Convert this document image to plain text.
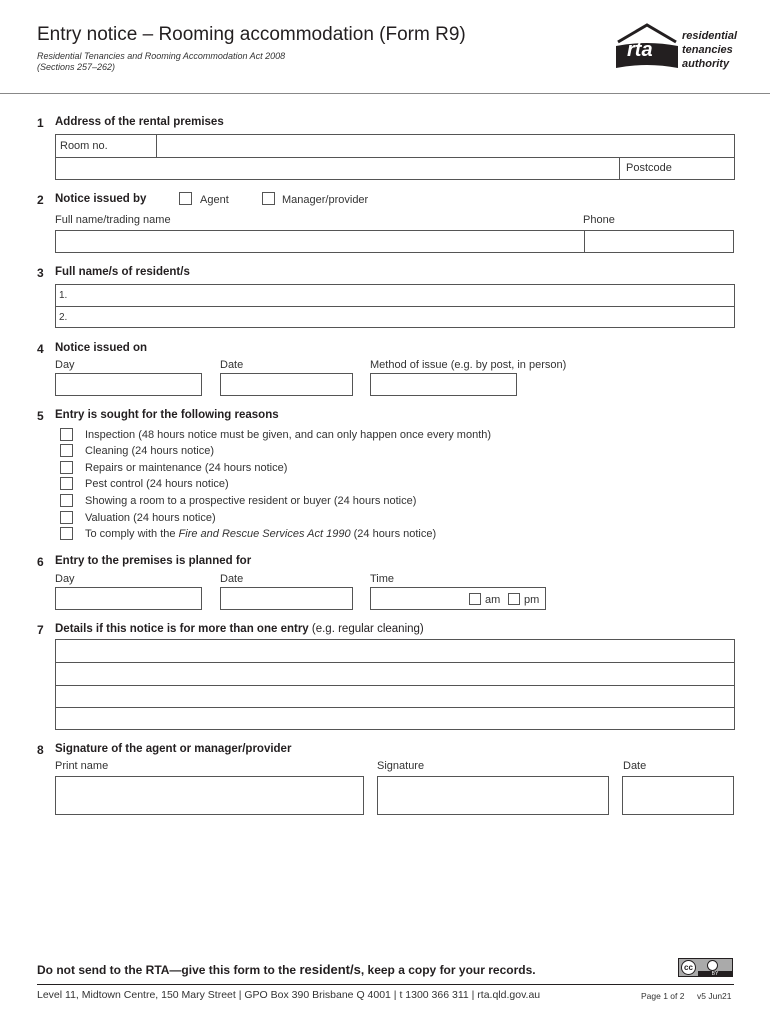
Entry notice – Rooming accommodation (Form R9)
Residential Tenancies and Rooming Accommodation Act 2008
(Sections 257–262)
rta
residential
tenancies
authority
1 Address of the rental premises
Room no.
Postcode
2 Notice issued by	Agent	Manager/provider
Full name/trading name	Phone
3 Full name/s of resident/s
1.
2.
4 Notice issued on
Day	Date	Method of issue (e.g. by post, in person)
5 Entry is sought for the following reasons
Inspection (48 hours notice must be given, and can only happen once every month)
Cleaning (24 hours notice)
Repairs or maintenance (24 hours notice)
Pest control (24 hours notice)
Showing a room to a prospective resident or buyer (24 hours notice)
Valuation (24 hours notice)
To comply with the Fire and Rescue Services Act 1990 (24 hours notice)
6 Entry to the premises is planned for
Day	Date	Time
am pm
7 Details if this notice is for more than one entry (e.g. regular cleaning)
8 Signature of the agent or manager/provider
Print name	Signature	Date
Do not send to the RTA—give this form to the resident/s, keep a copy for your records.	cc
BY
Level 11, Midtown Centre, 150 Mary Street | GPO Box 390 Brisbane Q 4001 | t 1300 366 311 | rta.qld.gov.au	Page 1 of 2 v5 Jun21
